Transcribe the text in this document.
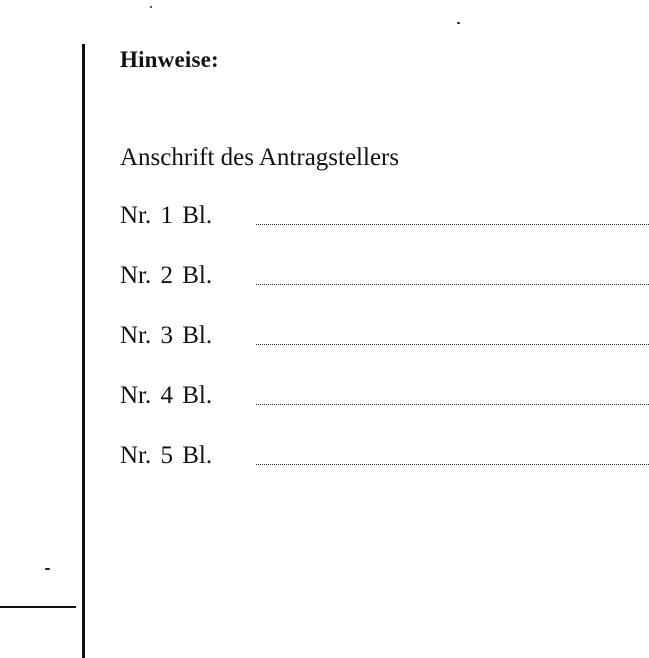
Hinweise:
Anschrift des Antragstellers
Nr. 1 Bl.
Nr. 2 Bl.
Nr. 3 Bl.
Nr. 4 Bl.
Nr. 5 Bl.
